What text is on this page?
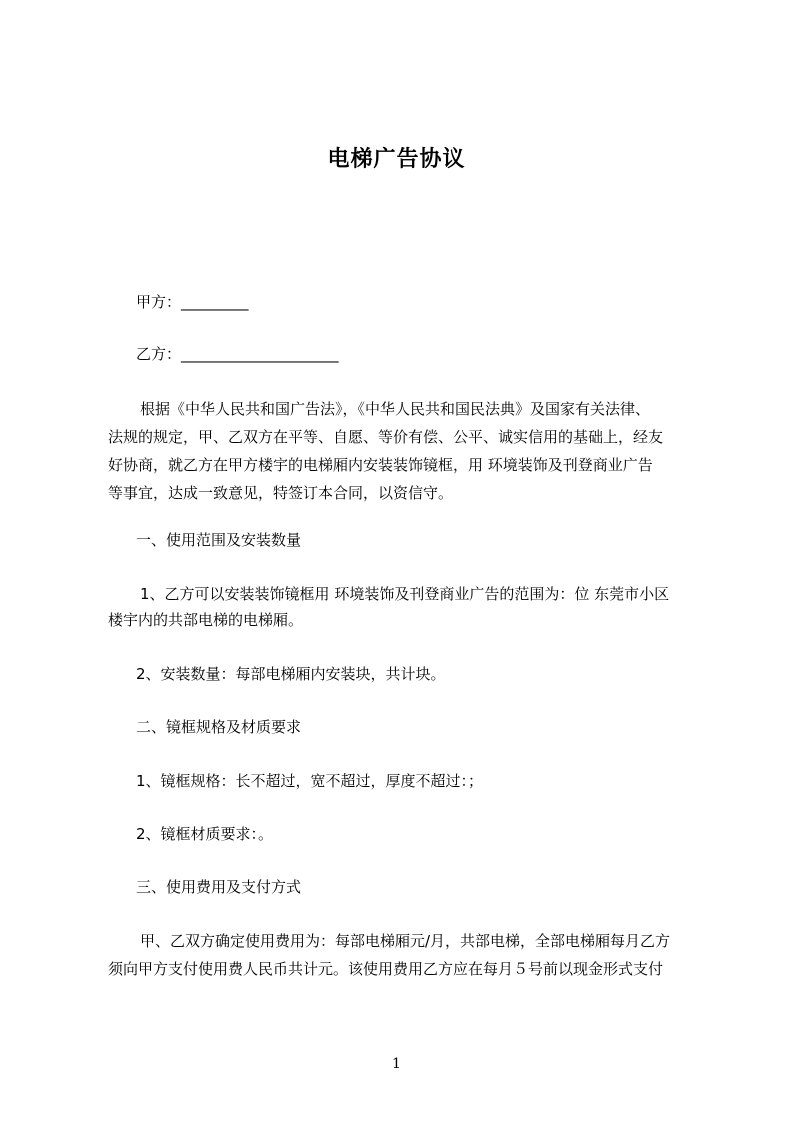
电梯广告协议
甲方：_________
乙方：_____________________
根据《中华人民共和国广告法》，《中华人民共和国民法典》及国家有关法律、
法规的规定，甲、乙双方在平等、自愿、等价有偿、公平、诚实信用的基础上，经友
好协商，就乙方在甲方楼宇的电梯厢内安装装饰镜框，用 环境装饰及刊登商业广告
等事宜，达成一致意见，特签订本合同，以资信守。
一、使用范围及安装数量
1、乙方可以安装装饰镜框用 环境装饰及刊登商业广告的范围为：位 东莞市小区
楼宇内的共部电梯的电梯厢。
2、安装数量：每部电梯厢内安装块，共计块。
二、镜框规格及材质要求
1、镜框规格：长不超过，宽不超过，厚度不超过：；
2、镜框材质要求：。
三、使用费用及支付方式
甲、乙双方确定使用费用为：每部电梯厢元/月，共部电梯，全部电梯厢每月乙方
须向甲方支付使用费人民币共计元。该使用费用乙方应在每月５号前以现金形式支付
1
